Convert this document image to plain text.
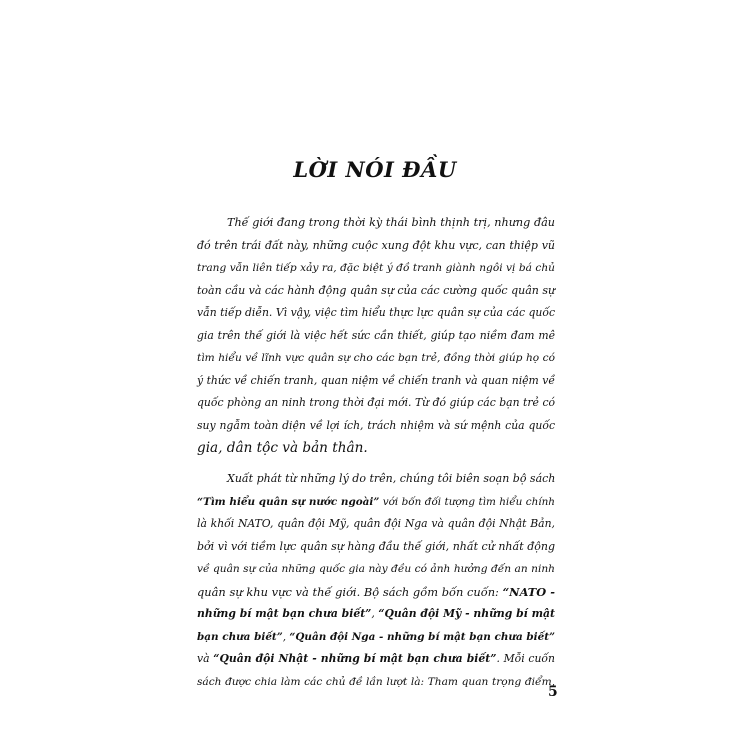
LỜI NÓI ĐẦU
Thế giới đang trong thời kỳ thái bình thịnh trị, nhưng đâu
đó trên trái đất này, những cuộc xung đột khu vực, can thiệp vũ
trang vẫn liên tiếp xảy ra, đặc biệt ý đồ tranh giành ngôi vị bá chủ
toàn cầu và các hành động quân sự của các cường quốc quân sự
vẫn tiếp diễn. Vì vậy, việc tìm hiểu thực lực quân sự của các quốc
gia trên thế giới là việc hết sức cần thiết, giúp tạo niềm đam mê
tìm hiểu về lĩnh vực quân sự cho các bạn trẻ, đồng thời giúp họ có
ý thức về chiến tranh, quan niệm về chiến tranh và quan niệm về
quốc phòng an ninh trong thời đại mới. Từ đó giúp các bạn trẻ có
suy ngẫm toàn diện về lợi ích, trách nhiệm và sứ mệnh của quốc
gia, dân tộc và bản thân.
Xuất phát từ những lý do trên, chúng tôi biên soạn bộ sách
“Tìm hiểu quân sự nước ngoài” với bốn đối tượng tìm hiểu chính
là khối NATO, quân đội Mỹ, quân đội Nga và quân đội Nhật Bản,
bởi vì với tiềm lực quân sự hàng đầu thế giới, nhất cử nhất động
về quân sự của những quốc gia này đều có ảnh hưởng đến an ninh
quân sự khu vực và thế giới. Bộ sách gồm bốn cuốn: “NATO -
những bí mật bạn chưa biết”, “Quân đội Mỹ - những bí mật
bạn chưa biết”, “Quân đội Nga - những bí mật bạn chưa biết”
và “Quân đội Nhật - những bí mật bạn chưa biết”. Mỗi cuốn
sách được chia làm các chủ đề lần lượt là: Tham quan trọng điểm,
5
